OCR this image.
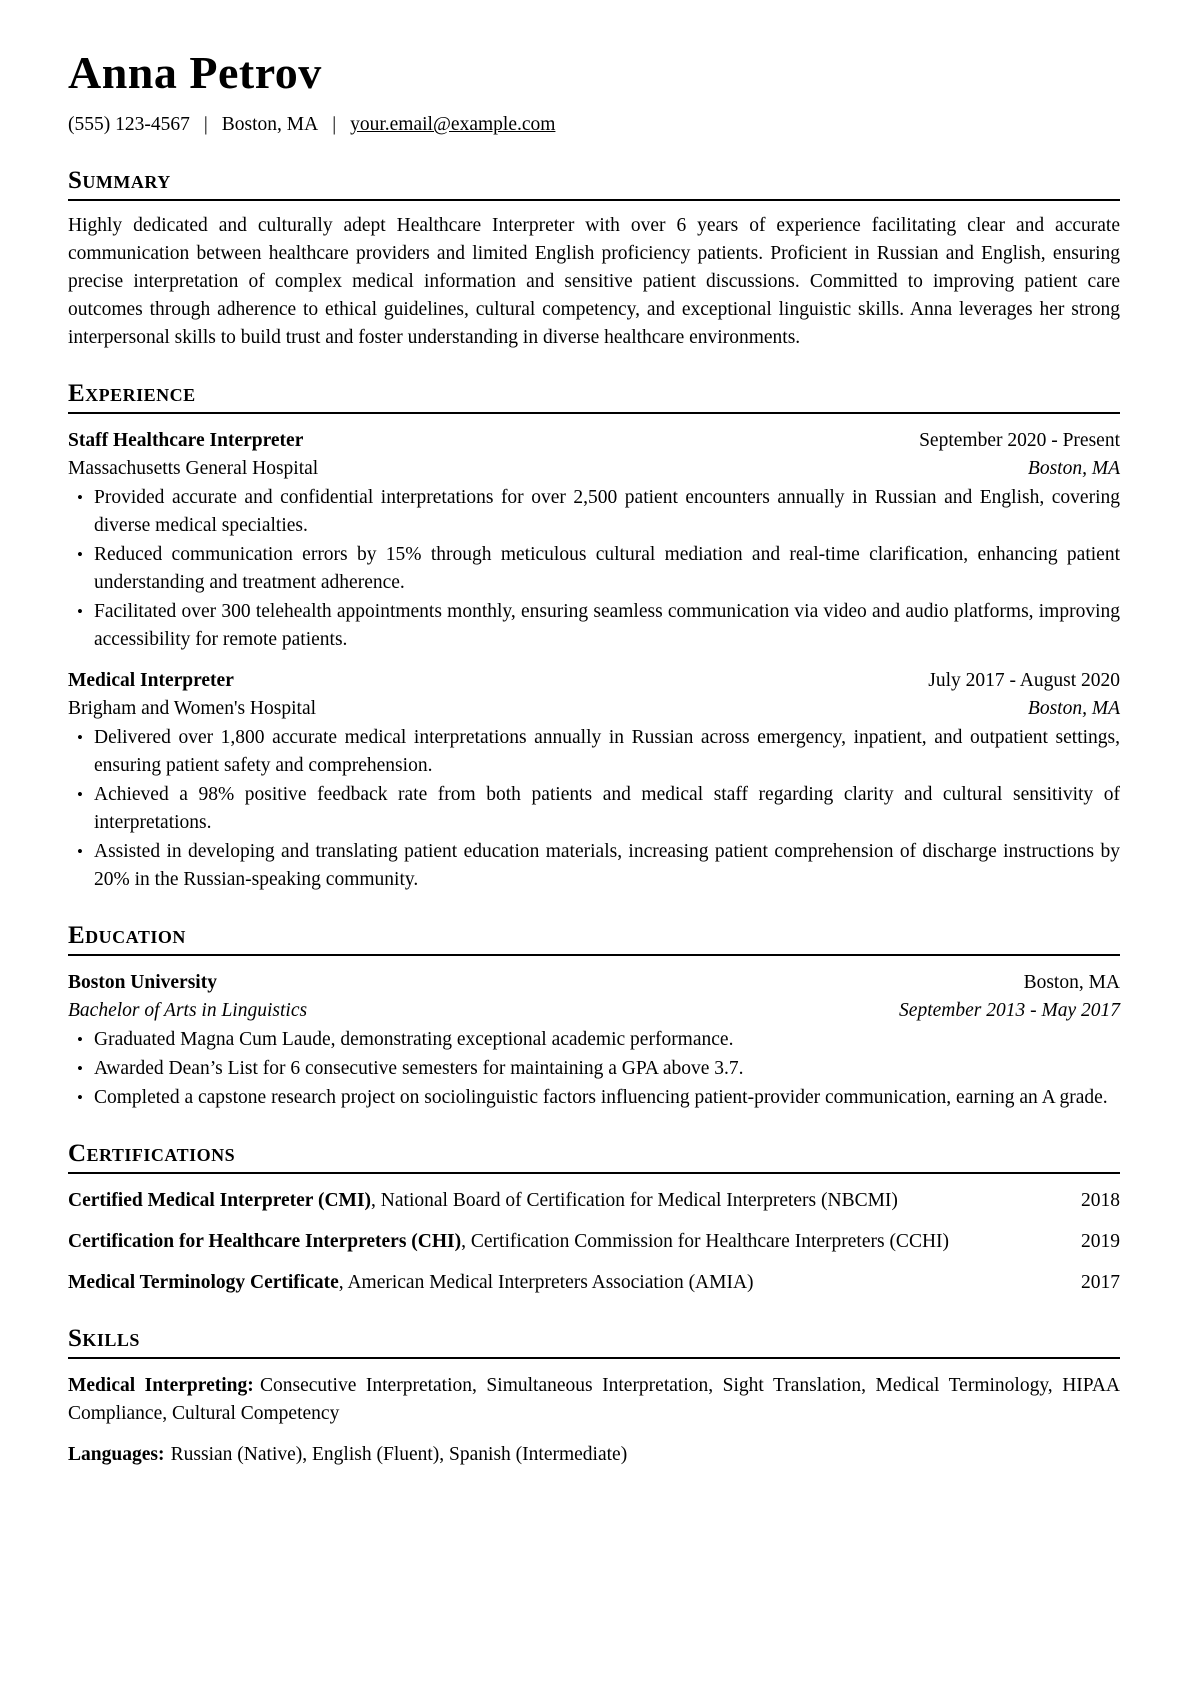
Anna Petrov
(555) 123-4567 | Boston, MA | your.email@example.com
Summary

Highly dedicated and culturally adept Healthcare Interpreter with over 6 years of experience facilitating clear and accurate communication between healthcare providers and limited English proficiency patients. Proficient in Russian and English, ensuring precise interpretation of complex medical information and sensitive patient discussions. Committed to improving patient care outcomes through adherence to ethical guidelines, cultural competency, and exceptional linguistic skills. Anna leverages her strong interpersonal skills to build trust and foster understanding in diverse healthcare environments.

Experience
Staff Healthcare Interpreter	September 2020 - Present
Massachusetts General Hospital	Boston, MA
• Provided accurate and confidential interpretations for over 2,500 patient encounters annually in Russian and English, covering diverse medical specialties.
• Reduced communication errors by 15% through meticulous cultural mediation and real-time clarification, enhancing patient understanding and treatment adherence.
• Facilitated over 300 telehealth appointments monthly, ensuring seamless communication via video and audio platforms, improving accessibility for remote patients.
Medical Interpreter	July 2017 - August 2020
Brigham and Women's Hospital	Boston, MA
• Delivered over 1,800 accurate medical interpretations annually in Russian across emergency, inpatient, and outpatient settings, ensuring patient safety and comprehension.
• Achieved a 98% positive feedback rate from both patients and medical staff regarding clarity and cultural sensitivity of interpretations.
• Assisted in developing and translating patient education materials, increasing patient comprehension of discharge instructions by 20% in the Russian-speaking community.
Education
Boston University	Boston, MA
Bachelor of Arts in Linguistics	September 2013 - May 2017
• Graduated Magna Cum Laude, demonstrating exceptional academic performance.
• Awarded Dean’s List for 6 consecutive semesters for maintaining a GPA above 3.7.
• Completed a capstone research project on sociolinguistic factors influencing patient-provider communication, earning an A grade.
Certifications

Certified Medical Interpreter (CMI), National Board of Certification for Medical Interpreters (NBCMI)	2018

Certification for Healthcare Interpreters (CHI), Certification Commission for Healthcare Interpreters (CCHI)	2019

Medical Terminology Certificate, American Medical Interpreters Association (AMIA)	2017
Skills

Medical Interpreting: Consecutive Interpretation, Simultaneous Interpretation, Sight Translation, Medical Terminology, HIPAA Compliance, Cultural Competency

Languages: Russian (Native), English (Fluent), Spanish (Intermediate)
